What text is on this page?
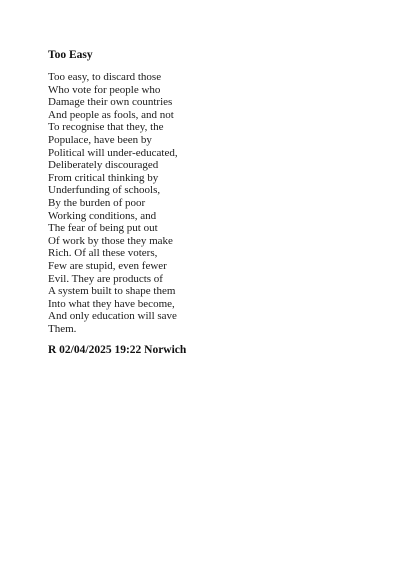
Too Easy
Too easy, to discard those
Who vote for people who
Damage their own countries
And people as fools, and not
To recognise that they, the
Populace, have been by
Political will under-educated,
Deliberately discouraged
From critical thinking by
Underfunding of schools,
By the burden of poor
Working conditions, and
The fear of being put out
Of work by those they make
Rich. Of all these voters,
Few are stupid, even fewer
Evil. They are products of
A system built to shape them
Into what they have become,
And only education will save
Them.
R 02/04/2025 19:22 Norwich
